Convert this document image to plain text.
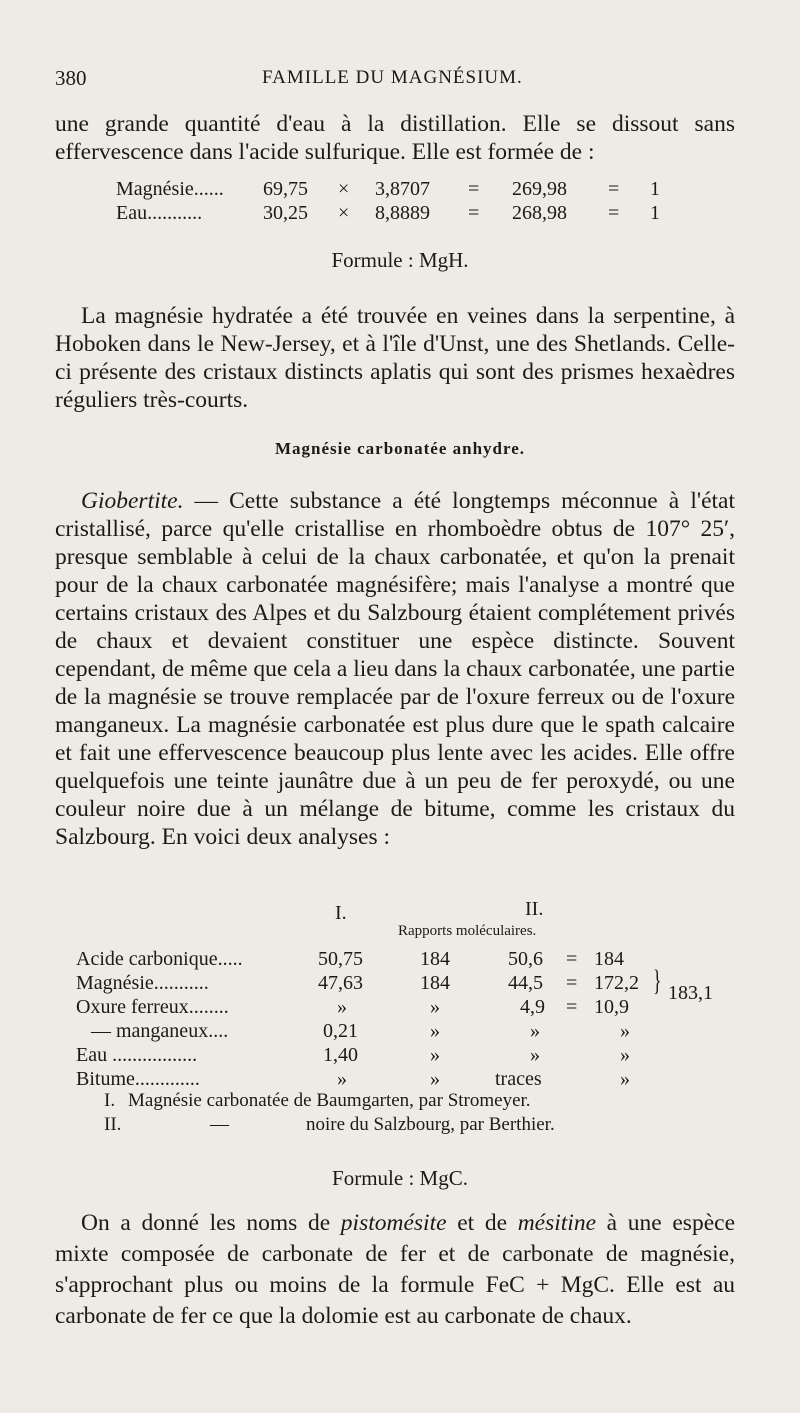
380	FAMILLE DU MAGNÉSIUM.

une grande quantité d'eau à la distillation. Elle se dissout sans effervescence dans l'acide sulfurique. Elle est formée de :

Magnésie...... 69,75 × 3,8707 = 269,98 = 1
Eau...........	30,25 × 8,8889 = 268,98 = 1
Formule : MgH.

La magnésie hydratée a été trouvée en veines dans la serpentine, à Hoboken dans le New-Jersey, et à l'île d'Unst, une des Shetlands. Celle-ci présente des cristaux distincts aplatis qui sont des prismes hexaèdres réguliers très-courts.

Magnésie carbonatée anhydre.

Giobertite. — Cette substance a été longtemps méconnue à l'état cristallisé, parce qu'elle cristallise en rhomboèdre obtus de 107° 25′, presque semblable à celui de la chaux carbonatée, et qu'on la prenait pour de la chaux carbonatée magnésifère; mais l'analyse a montré que certains cristaux des Alpes et du Salzbourg étaient complétement privés de chaux et devaient constituer une espèce distincte. Souvent cependant, de même que cela a lieu dans la chaux carbonatée, une partie de la magnésie se trouve remplacée par de l'oxure ferreux ou de l'oxure manganeux. La magnésie carbonatée est plus dure que le spath calcaire et fait une effervescence beaucoup plus lente avec les acides. Elle offre quelquefois une teinte jaunâtre due à un peu de fer peroxydé, ou une couleur noire due à un mélange de bitume, comme les cristaux du Salzbourg. En voici deux analyses :

I.	II.
Rapports moléculaires.
Acide carbonique.....	50,75	184	50,6 = 184
Magnésie...........	47,63	184	44,5 = 172,2
Oxure ferreux........	»	»	4,9 = 10,9
— manganeux....	0,21	»	»	»
Eau .................	1,40	»	»	»
Bitume.............	»	»	traces	»
} 183,1
I. Magnésie carbonatée de Baumgarten, par Stromeyer.
II.	—	noire du Salzbourg, par Berthier.
Formule : MgC.

On a donné les noms de pistomésite et de mésitine à une espèce mixte composée de carbonate de fer et de carbonate de magnésie, s'approchant plus ou moins de la formule FeC + MgC. Elle est au carbonate de fer ce que la dolomie est au carbonate de chaux.
